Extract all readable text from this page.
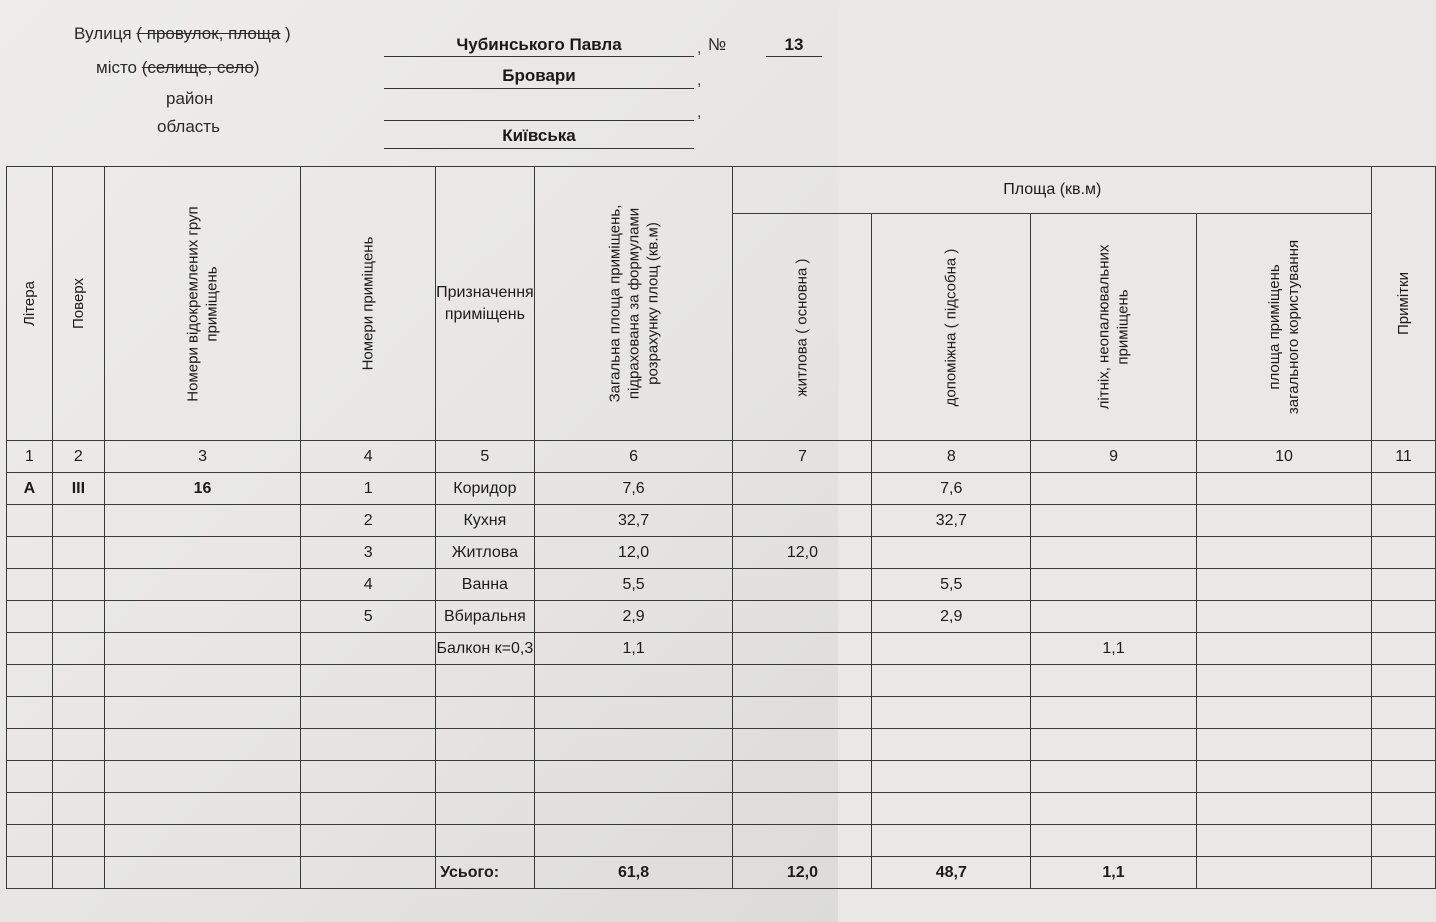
Вулиця ( провулок, площа )
Чубинського Павла	, №	13
місто (селище, село)	Бровари	,
район
,
область	Київська
Літера	Поверх	Номери відокремлених груп приміщень	Номери приміщень	Призначення
приміщень	Загальна площа приміщень, підрахована за формулами розрахунку площ (кв.м)	Площа (кв.м)				Примітки
						житлова ( основна )	допоміжна ( підсобна )	літніх, неопалювальних приміщень	площа приміщень загального користування	
1	2	3	4	5	6	7	8	9	10	11
А	III	16	1	Коридор	7,6		7,6			
			2	Кухня	32,7		32,7			
			3	Житлова	12,0	12,0				
			4	Ванна	5,5		5,5			
			5	Вбиральня	2,9		2,9			
				Балкон к=0,3	1,1			1,1		

				Усього:	61,8	12,0	48,7	1,1		
